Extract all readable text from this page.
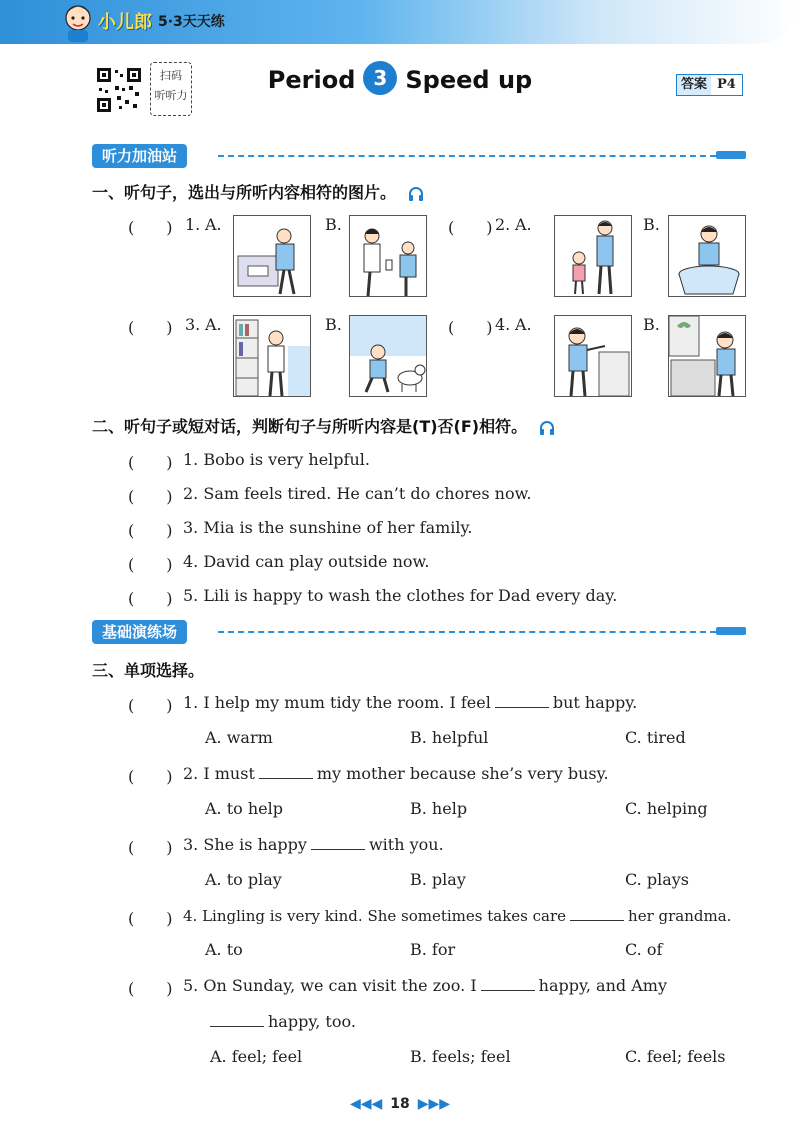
小儿郎 5·3天天练
扫码
听听力
Period 3 Speed up	答案 P4
听力加油站
一、听句子，选出与所听内容相符的图片。
(　　) 1. A.	B.	(　　) 2. A.	B.
(　　) 3. A.	B.	(　　) 4. A.	B.
二、听句子或短对话，判断句子与所听内容是(T)否(F)相符。
(　　) 1. Bobo is very helpful.
(　　) 2. Sam feels tired. He can’t do chores now.
(　　) 3. Mia is the sunshine of her family.
(　　) 4. David can play outside now.
(　　) 5. Lili is happy to wash the clothes for Dad every day.
基础演练场
三、单项选择。
(　　) 1. I help my mum tidy the room. I feel	but happy.
A. warm	B. helpful	C. tired
(　　) 2. I must	my mother because she’s very busy.
A. to help	B. help	C. helping
(　　) 3. She is happy	with you.
A. to play	B. play	C. plays
(　　) 4. Lingling is very kind. She sometimes takes care	her grandma.
A. to	B. for	C. of
(　　) 5. On Sunday, we can visit the zoo. I	happy, and Amy
happy, too.
A. feel; feel	B. feels; feel	C. feel; feels
◀◀◀ 18 ▶▶▶
